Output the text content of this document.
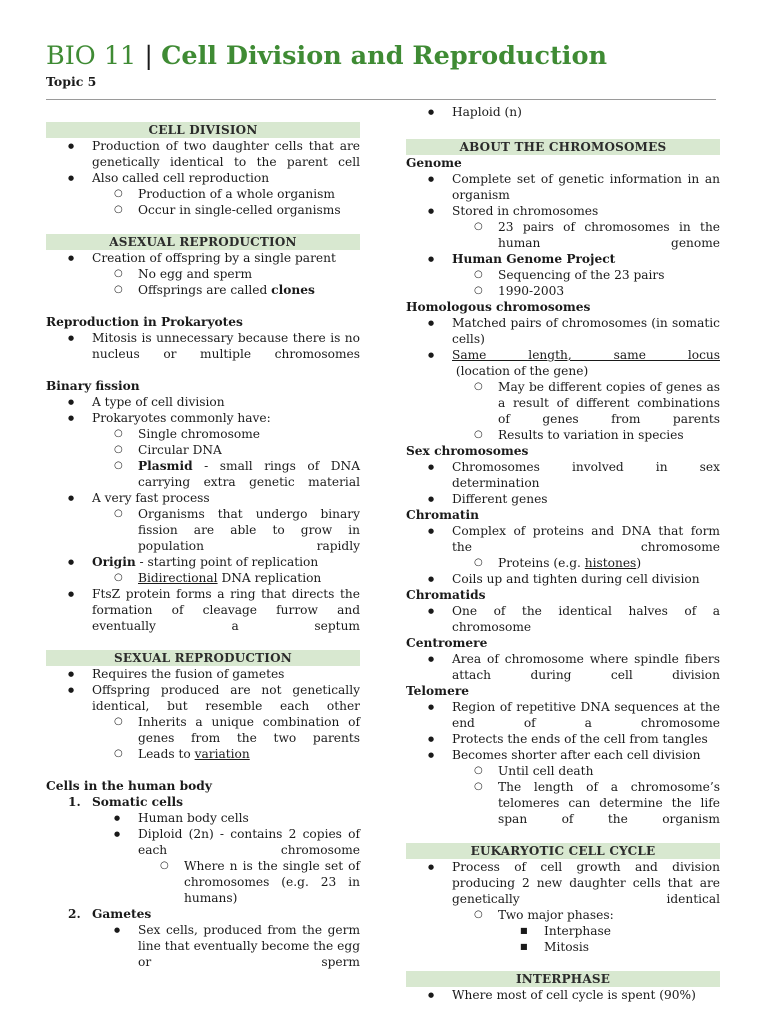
BIO 11 | Cell Division and Reproduction
Topic 5
CELL DIVISION
● Production of two daughter cells that are genetically identical to the parent cell
● Also called cell reproduction
○ Production of a whole organism
○ Occur in single-celled organisms
ASEXUAL REPRODUCTION
● Creation of offspring by a single parent
○ No egg and sperm
○ Offsprings are called clones
Reproduction in Prokaryotes
● Mitosis is unnecessary because there is no nucleus or multiple chromosomes
Binary fission
● A type of cell division
● Prokaryotes commonly have:
○ Single chromosome
○ Circular DNA
○ Plasmid - small rings of DNA carrying extra genetic material
● A very fast process
○ Organisms that undergo binary fission are able to grow in population rapidly
● Origin - starting point of replication
○ Bidirectional DNA replication
● FtsZ protein forms a ring that directs the formation of cleavage furrow and eventually a septum
SEXUAL REPRODUCTION
● Requires the fusion of gametes
● Offspring produced are not genetically identical, but resemble each other
○ Inherits a unique combination of genes from the two parents
○ Leads to variation
Cells in the human body
1. Somatic cells
● Human body cells
● Diploid (2n) - contains 2 copies of each chromosome
○ Where n is the single set of chromosomes (e.g. 23 in humans)
2. Gametes
● Sex cells, produced from the germ line that eventually become the egg or sperm
● Haploid (n)
ABOUT THE CHROMOSOMES
Genome
● Complete set of genetic information in an organism
● Stored in chromosomes
○ 23 pairs of chromosomes in the human genome
● Human Genome Project
○ Sequencing of the 23 pairs
○ 1990-2003
Homologous chromosomes
● Matched pairs of chromosomes (in somatic cells)
● Same length, same locus (location of the gene)
○ May be different copies of genes as a result of different combinations of genes from parents
○ Results to variation in species
Sex chromosomes
● Chromosomes involved in sex determination
● Different genes
Chromatin
● Complex of proteins and DNA that form the chromosome
○ Proteins (e.g. histones)
● Coils up and tighten during cell division
Chromatids
● One of the identical halves of a chromosome
Centromere
● Area of chromosome where spindle fibers attach during cell division
Telomere
● Region of repetitive DNA sequences at the end of a chromosome
● Protects the ends of the cell from tangles
● Becomes shorter after each cell division
○ Until cell death
○ The length of a chromosome’s telomeres can determine the life span of the organism
EUKARYOTIC CELL CYCLE
● Process of cell growth and division producing 2 new daughter cells that are genetically identical
○ Two major phases:
■ Interphase
■ Mitosis
INTERPHASE
● Where most of cell cycle is spent (90%)
